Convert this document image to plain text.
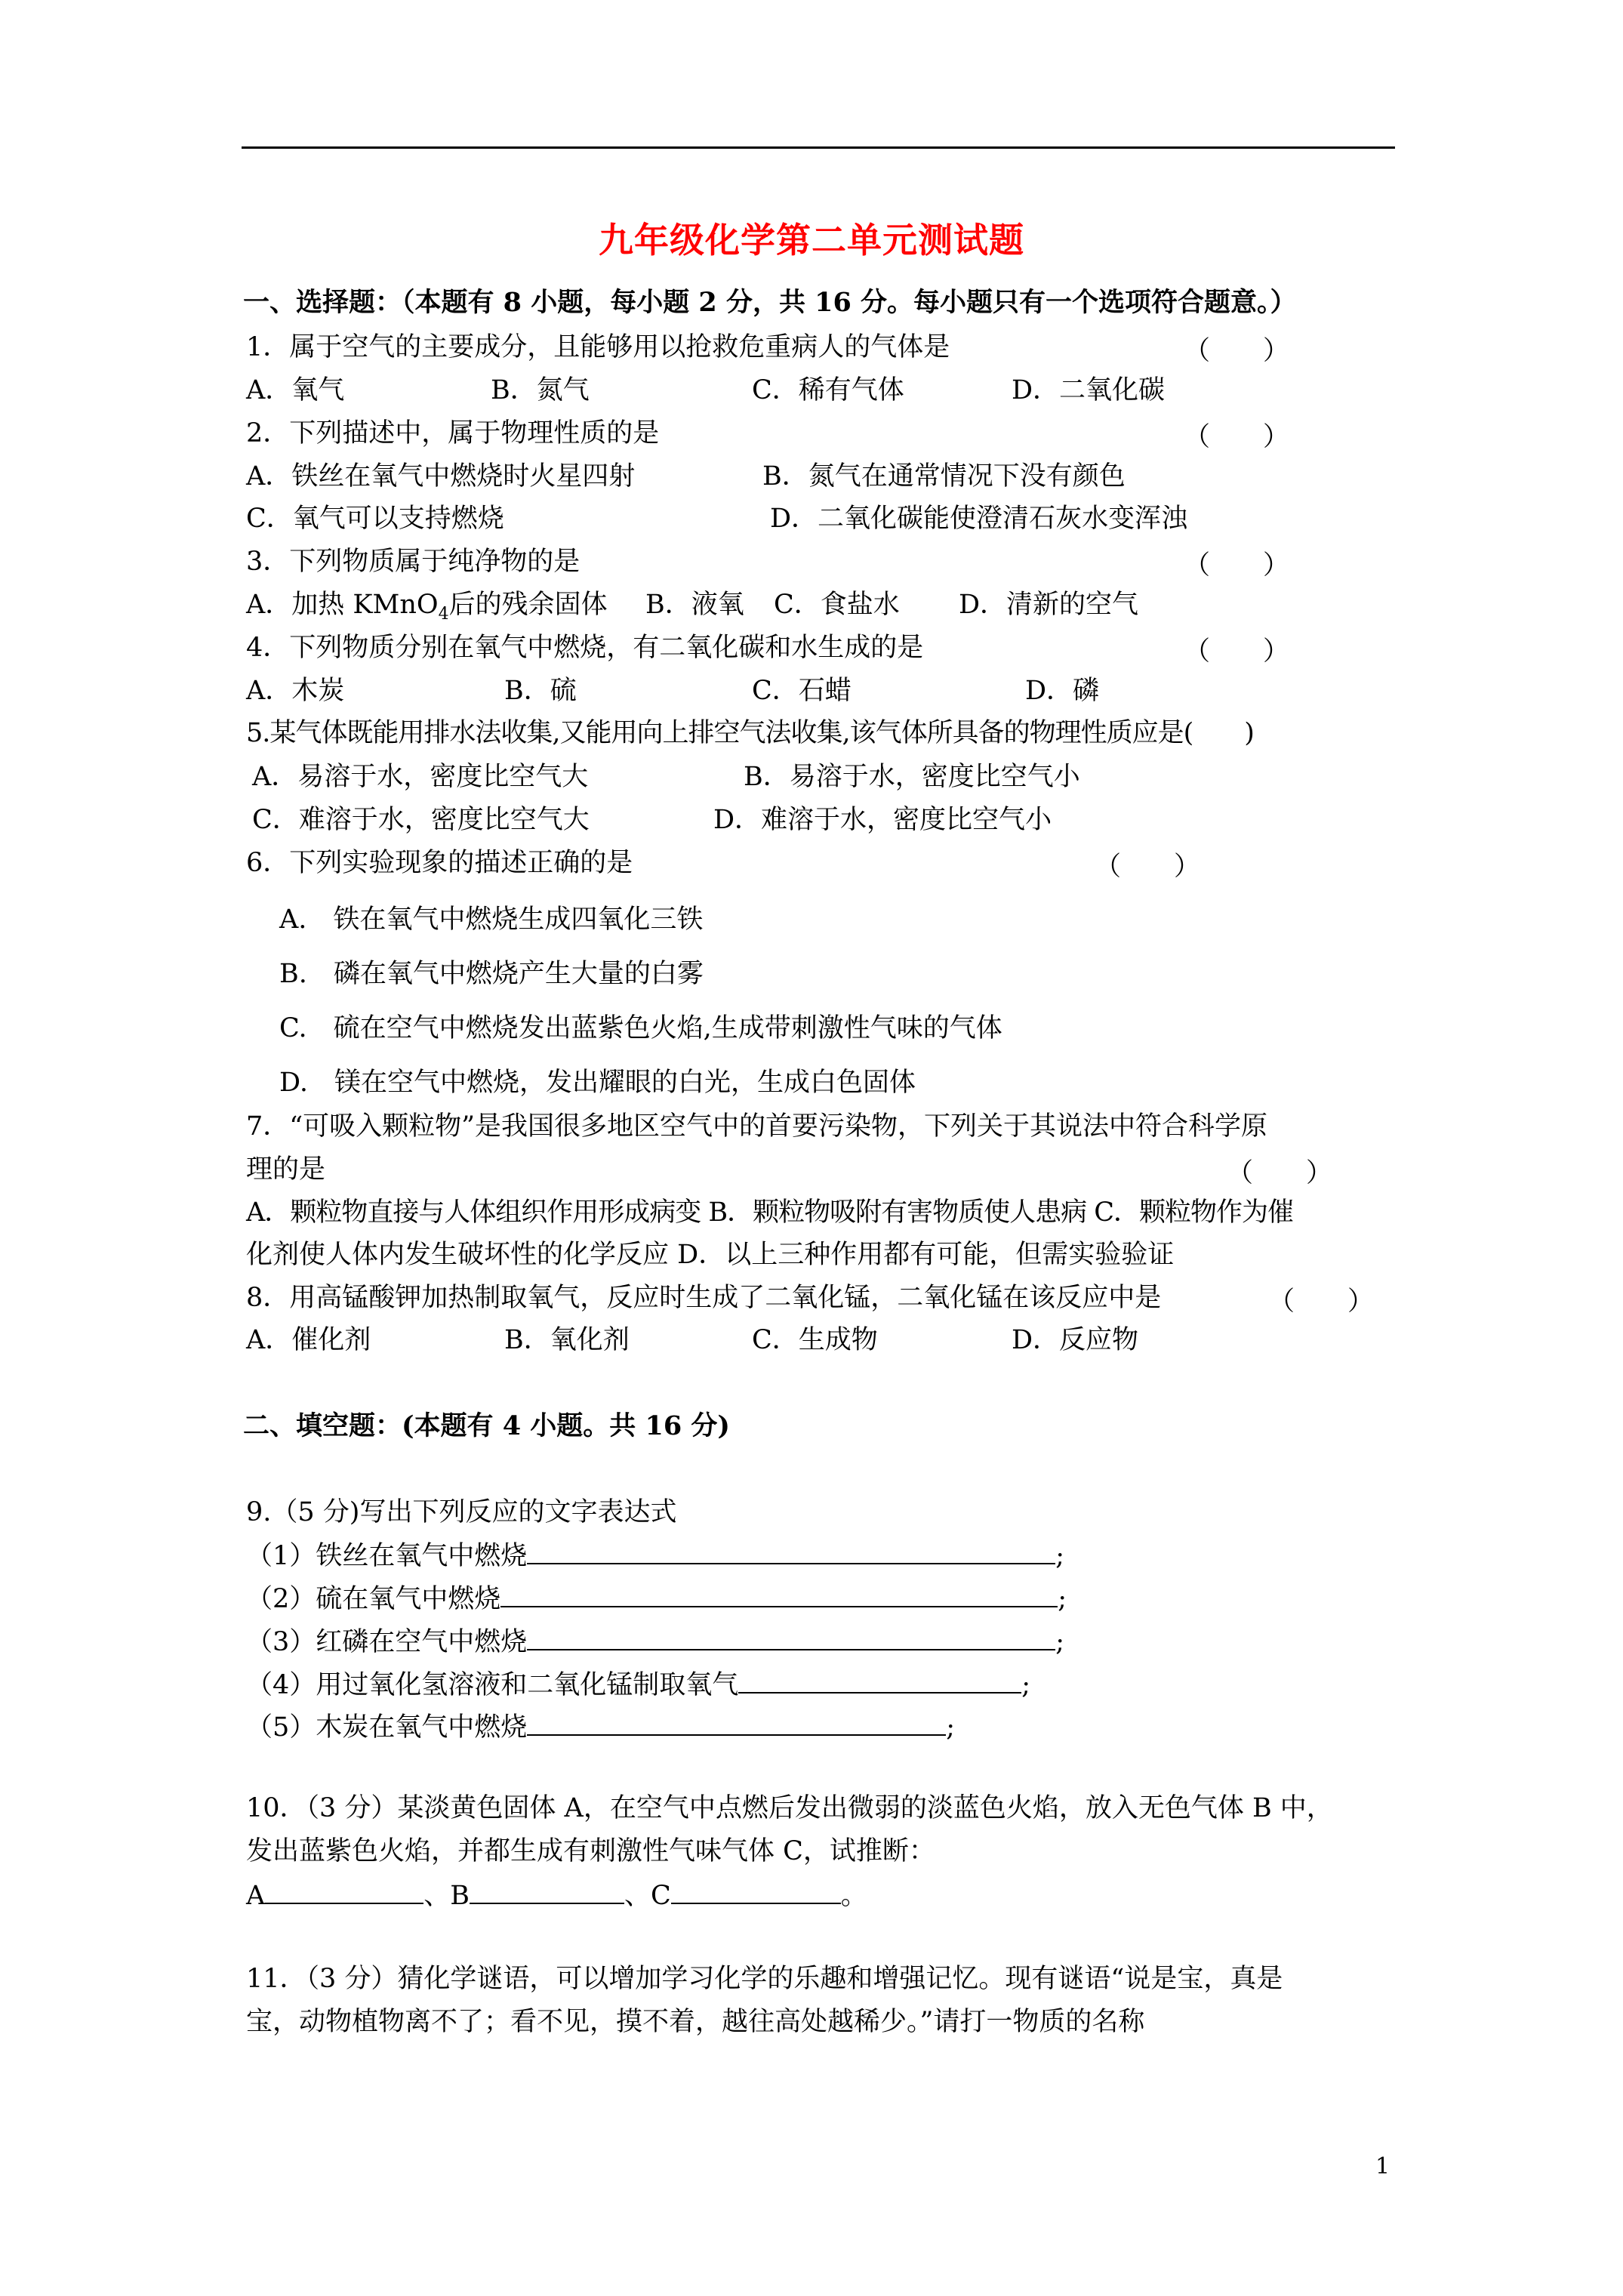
九年级化学第二单元测试题
一、选择题：（本题有 8 小题，每小题 2 分，共 16 分。每小题只有一个选项符合题意。）
1．属于空气的主要成分，且能够用以抢救危重病人的气体是	（　　）
A．氧气	B．氮气	C．稀有气体	D．二氧化碳
2．下列描述中，属于物理性质的是	（　　）
A．铁丝在氧气中燃烧时火星四射	B．氮气在通常情况下没有颜色
C．氧气可以支持燃烧	D．二氧化碳能使澄清石灰水变浑浊
3．下列物质属于纯净物的是	（　　）
A．加热 KMnO$_4$后的残余固体 B．液氧 C．食盐水 D．清新的空气
4．下列物质分别在氧气中燃烧，有二氧化碳和水生成的是	（　　）
A．木炭	B．硫	C．石蜡	D．磷
5.某气体既能用排水法收集,又能用向上排空气法收集,该气体所具备的物理性质应是(　　)
A．易溶于水，密度比空气大	B．易溶于水，密度比空气小
C．难溶于水，密度比空气大	D．难溶于水，密度比空气小
6．下列实验现象的描述正确的是	（　　）
A.　铁在氧气中燃烧生成四氧化三铁
B.　磷在氧气中燃烧产生大量的白雾
C.　硫在空气中燃烧发出蓝紫色火焰,生成带刺激性气味的气体
D.　镁在空气中燃烧，发出耀眼的白光，生成白色固体
7．“可吸入颗粒物”是我国很多地区空气中的首要污染物，下列关于其说法中符合科学原
理的是	（　　）
A．颗粒物直接与人体组织作用形成病变 B．颗粒物吸附有害物质使人患病 C．颗粒物作为催
化剂使人体内发生破坏性的化学反应 D．以上三种作用都有可能，但需实验验证
8．用高锰酸钾加热制取氧气，反应时生成了二氧化锰，二氧化锰在该反应中是	（　　）
A．催化剂	B．氧化剂	C．生成物	D．反应物
二、填空题：(本题有 4 小题。共 16 分)
9.（5 分)写出下列反应的文字表达式
（1）铁丝在氧气中燃烧	;
（2）硫在氧气中燃烧	;
（3）红磷在空气中燃烧	;
（4）用过氧化氢溶液和二氧化锰制取氧气	;
（5）木炭在氧气中燃烧	;
10．（3 分）某淡黄色固体 A，在空气中点燃后发出微弱的淡蓝色火焰，放入无色气体 B 中，
发出蓝紫色火焰，并都生成有刺激性气味气体 C，试推断：
A	、B	、C	。
11．（3 分）猜化学谜语，可以增加学习化学的乐趣和增强记忆。现有谜语“说是宝，真是
宝，动物植物离不了；看不见，摸不着，越往高处越稀少。”请打一物质的名称
1
